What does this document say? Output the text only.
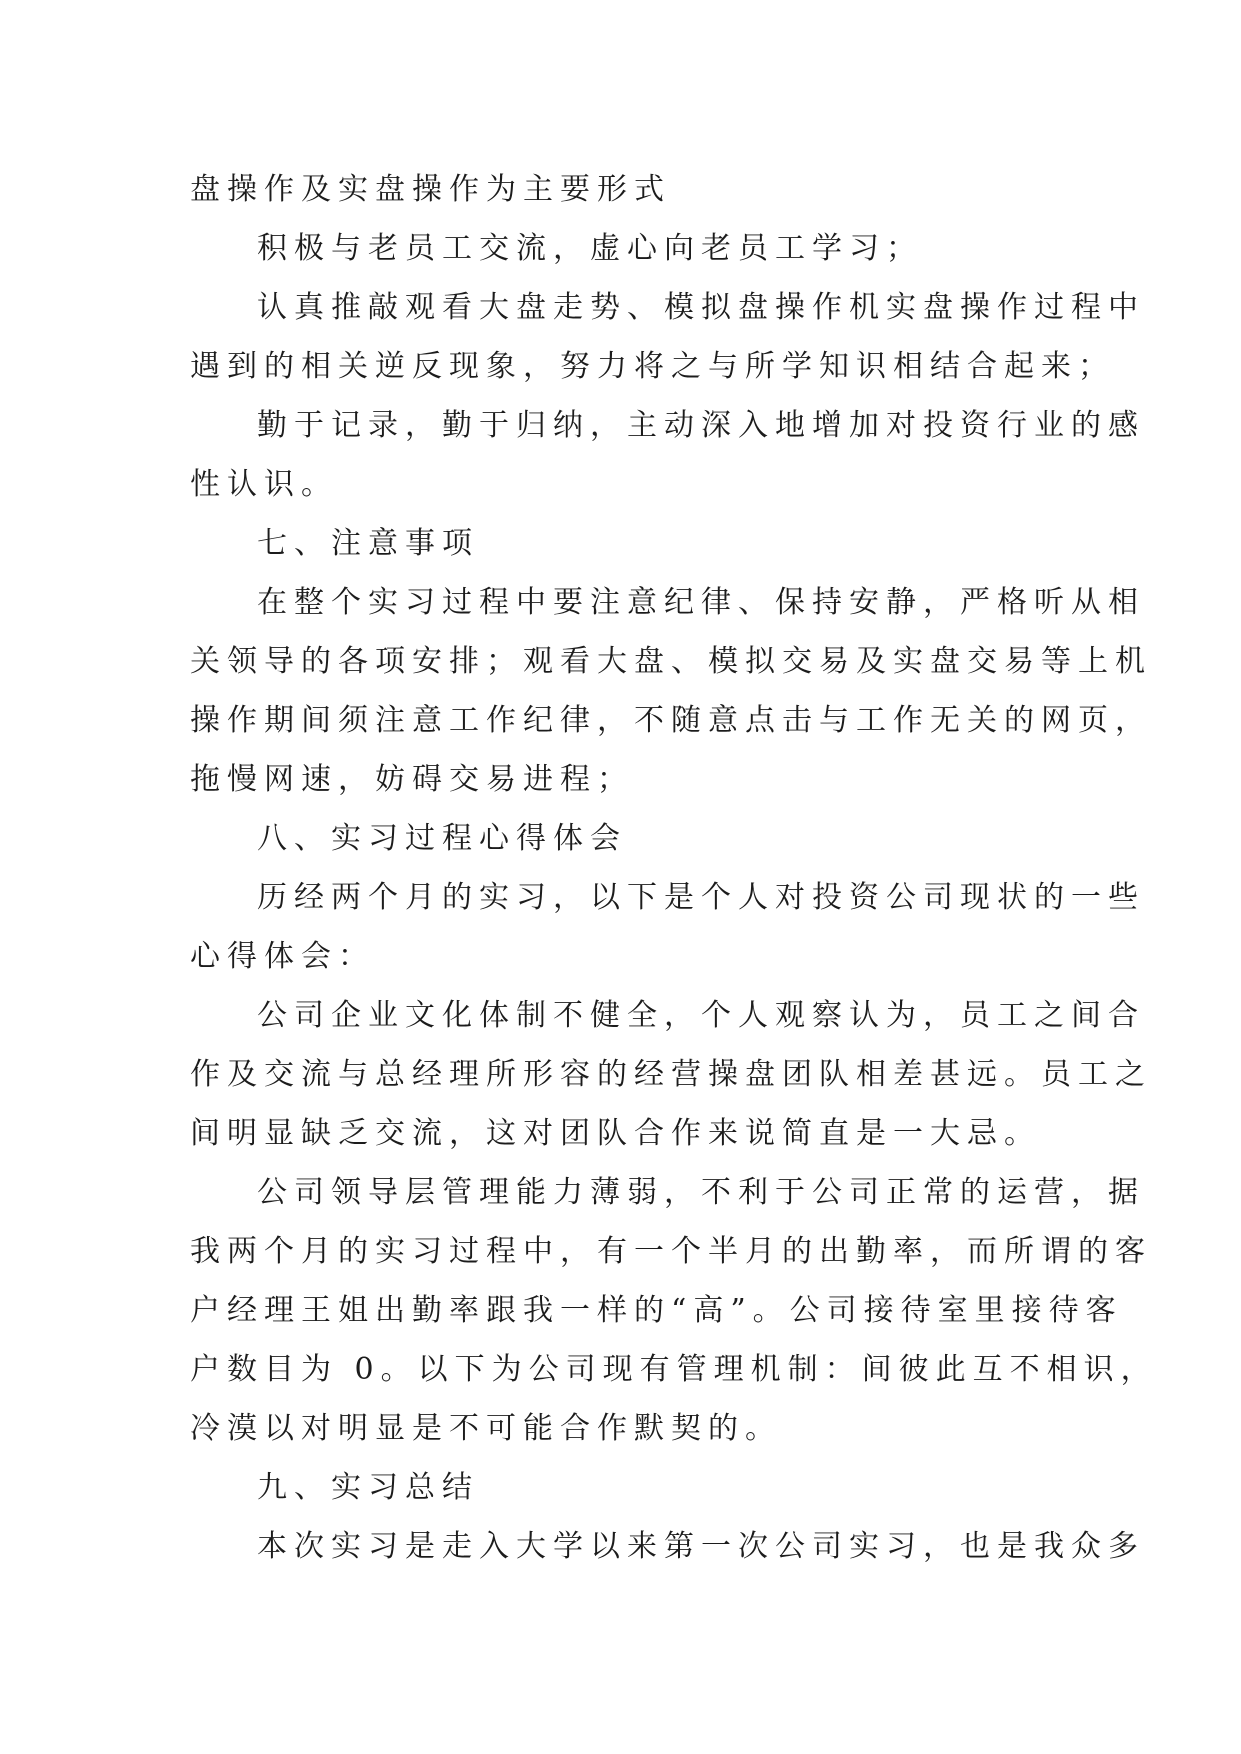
盘操作及实盘操作为主要形式
积极与老员工交流，虚心向老员工学习；
认真推敲观看大盘走势、模拟盘操作机实盘操作过程中
遇到的相关逆反现象，努力将之与所学知识相结合起来；
勤于记录，勤于归纳，主动深入地增加对投资行业的感
性认识。
七、注意事项
在整个实习过程中要注意纪律、保持安静，严格听从相
关领导的各项安排；观看大盘、模拟交易及实盘交易等上机
操作期间须注意工作纪律，不随意点击与工作无关的网页，
拖慢网速，妨碍交易进程；
八、实习过程心得体会
历经两个月的实习，以下是个人对投资公司现状的一些
心得体会：
公司企业文化体制不健全，个人观察认为，员工之间合
作及交流与总经理所形容的经营操盘团队相差甚远。员工之
间明显缺乏交流，这对团队合作来说简直是一大忌。
公司领导层管理能力薄弱，不利于公司正常的运营，据
我两个月的实习过程中，有一个半月的出勤率，而所谓的客
户经理王姐出勤率跟我一样的“高”。公司接待室里接待客
户数目为 0。以下为公司现有管理机制：间彼此互不相识，
冷漠以对明显是不可能合作默契的。
九、实习总结
本次实习是走入大学以来第一次公司实习，也是我众多
